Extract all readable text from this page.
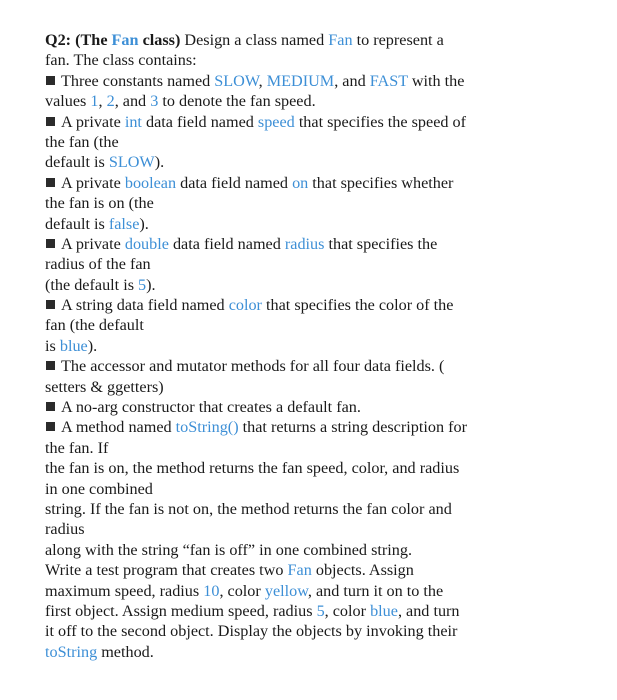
Q2: (The Fan class) Design a class named Fan to represent a
fan. The class contains:
Three constants named SLOW, MEDIUM, and FAST with the
values 1, 2, and 3 to denote the fan speed.
A private int data field named speed that specifies the speed of
the fan (the
default is SLOW).
A private boolean data field named on that specifies whether
the fan is on (the
default is false).
A private double data field named radius that specifies the
radius of the fan
(the default is 5).
A string data field named color that specifies the color of the
fan (the default
is blue).
The accessor and mutator methods for all four data fields. (
setters & ggetters)
A no-arg constructor that creates a default fan.
A method named toString() that returns a string description for
the fan. If
the fan is on, the method returns the fan speed, color, and radius
in one combined
string. If the fan is not on, the method returns the fan color and
radius
along with the string “fan is off” in one combined string.
Write a test program that creates two Fan objects. Assign
maximum speed, radius 10, color yellow, and turn it on to the
first object. Assign medium speed, radius 5, color blue, and turn
it off to the second object. Display the objects by invoking their
toString method.
